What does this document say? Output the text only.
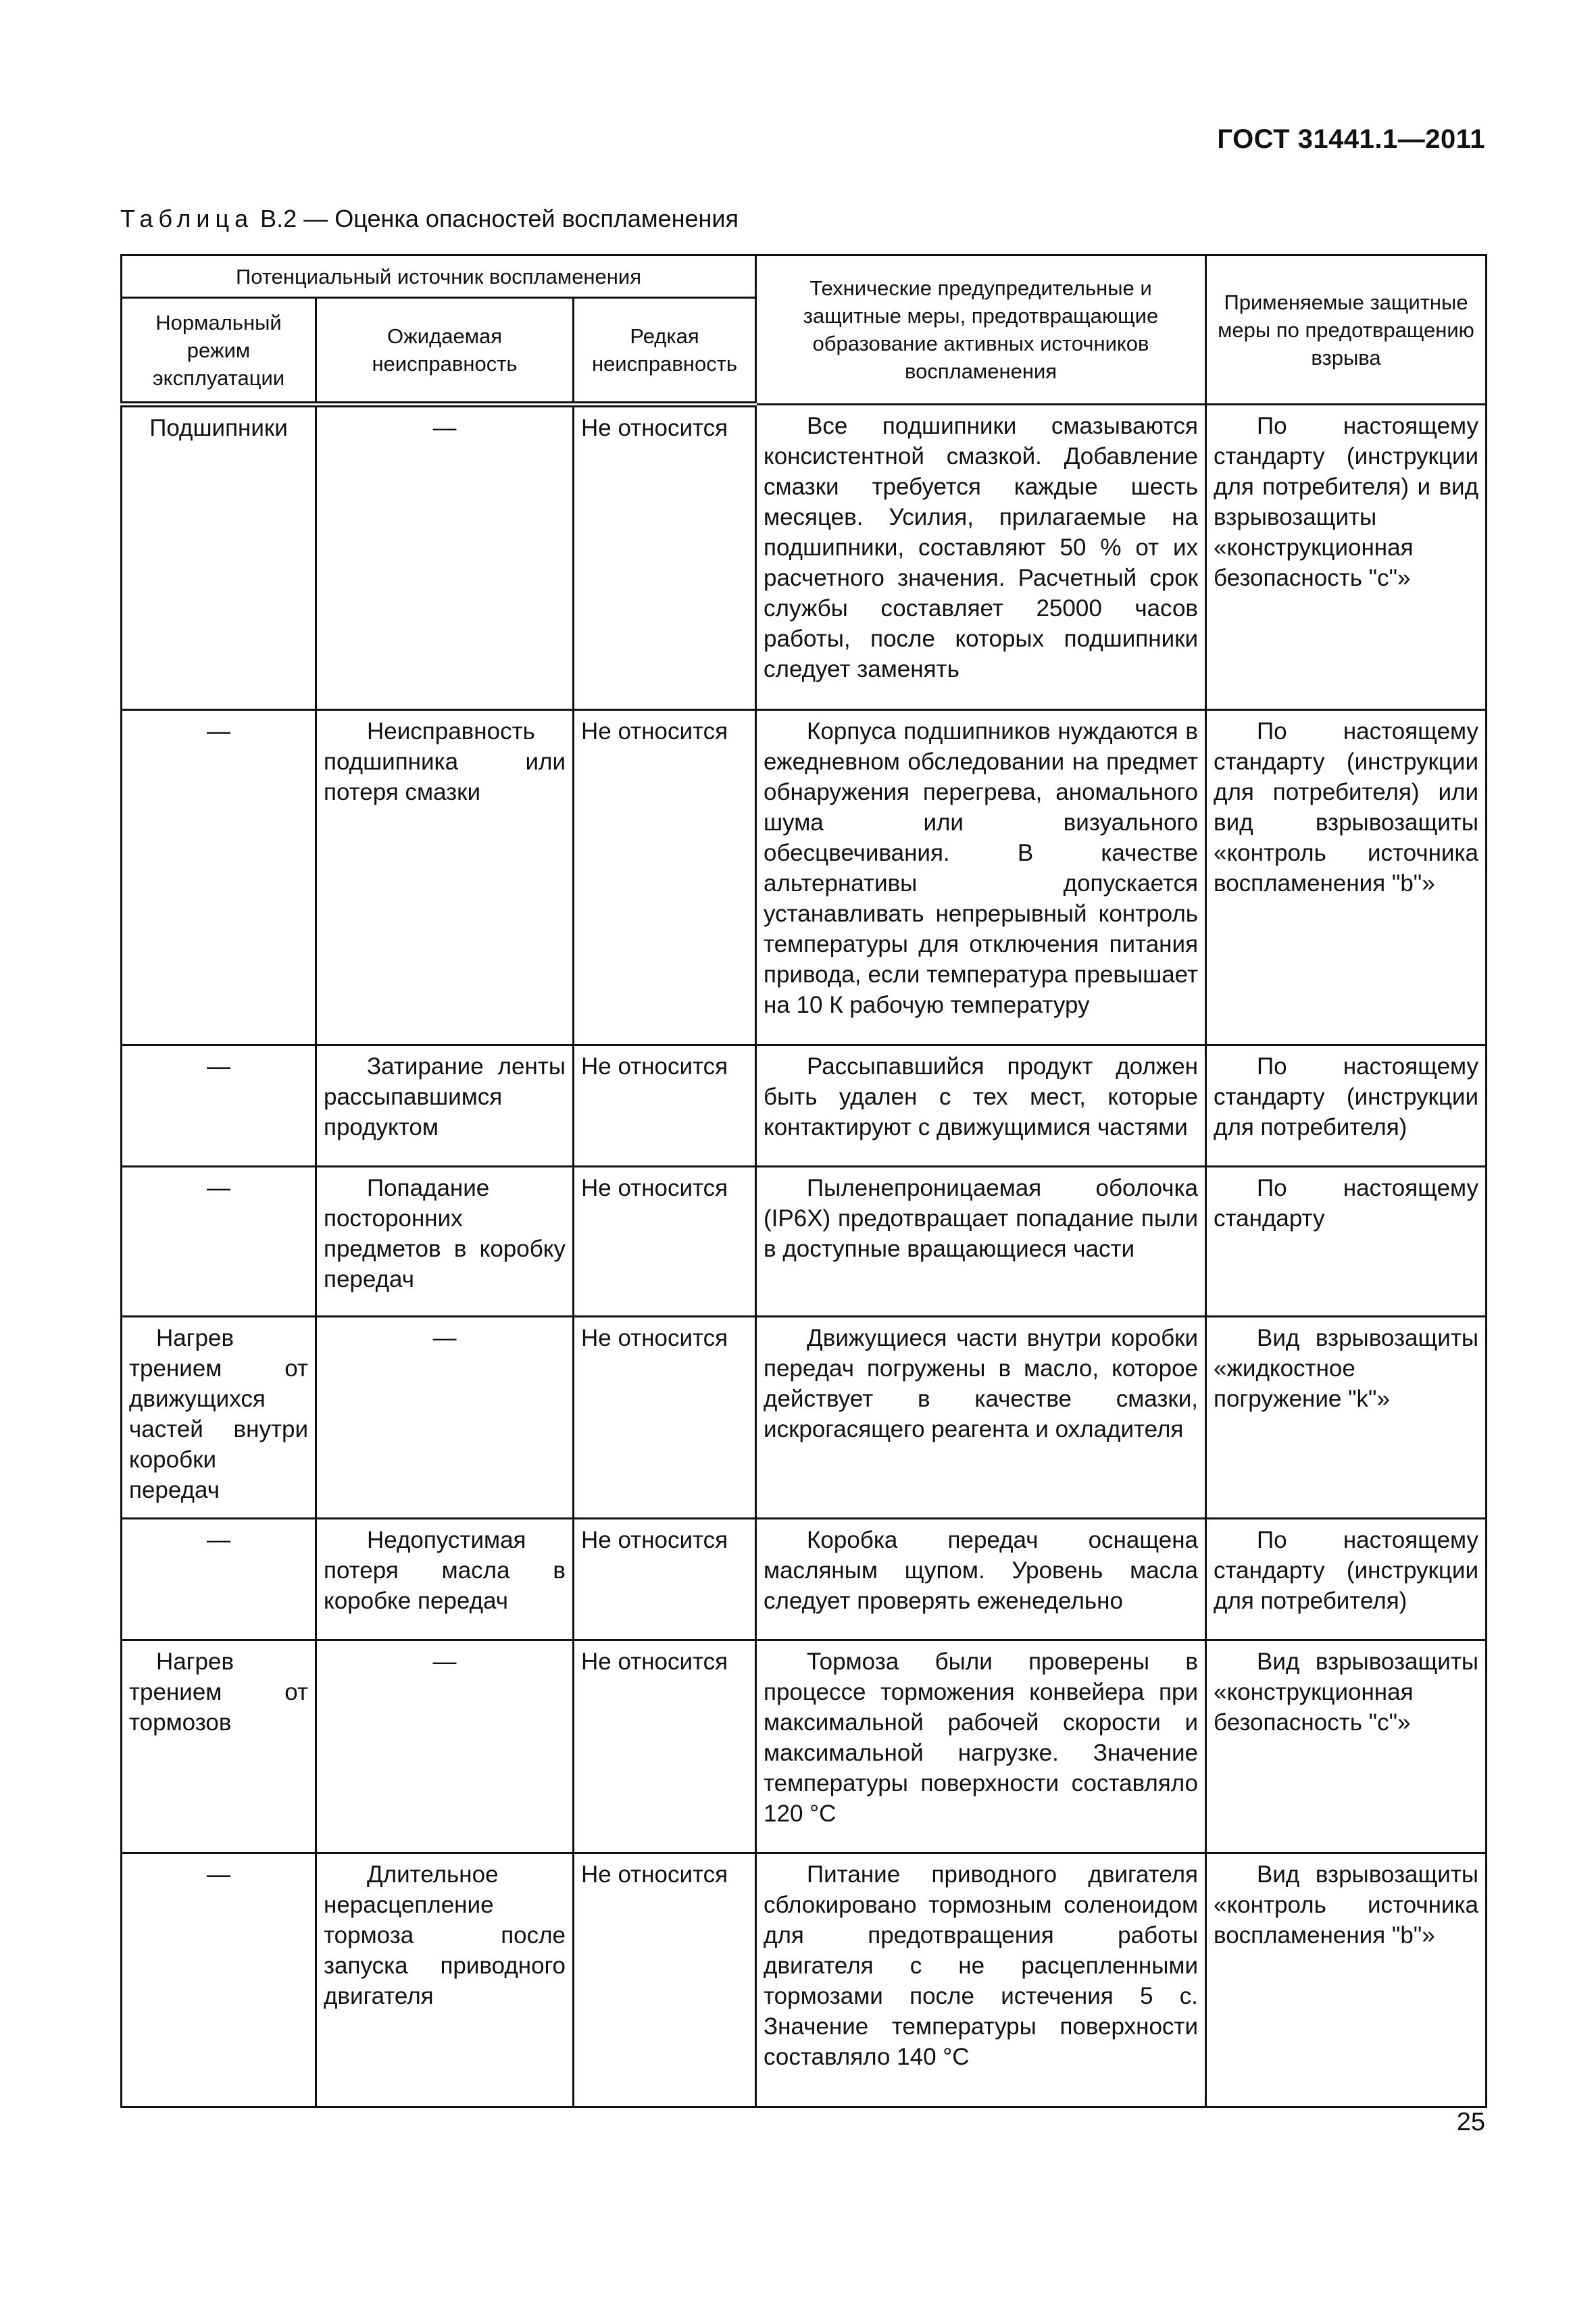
ГОСТ 31441.1—2011
Таблица В.2 — Оценка опасностей воспламенения
Потенциальный источник воспламенения			Технические предупредительные и защитные меры, предотвращающие образование активных источников воспламенения	Применяемые защитные меры по предотвращению взрыва
Нормальный режим эксплуатации	Ожидаемая неисправность	Редкая неисправность		
Подшипники	—	Не относится	Все подшипники смазываются консистентной смазкой. Добавление смазки требуется каждые шесть месяцев. Усилия, прилагаемые на подшипники, составляют 50 % от их расчетного значения. Расчетный срок службы составляет 25000 часов работы, после которых подшипники следует заменять	По настоящему стандарту (инструкции для потребителя) и вид взрывозащиты «конструкционная безопасность "c"»
—	Неисправность подшипника или потеря смазки	Не относится	Корпуса подшипников нуждаются в ежедневном обследовании на предмет обнаружения перегрева, аномального шума или визуального обесцвечивания. В качестве альтернативы допускается устанавливать непрерывный контроль температуры для отключения питания привода, если температура превышает на 10 К рабочую температуру	По настоящему стандарту (инструкции для потребителя) или вид взрывозащиты «контроль источника воспламенения "b"»
—	Затирание ленты рассыпавшимся продуктом	Не относится	Рассыпавшийся продукт должен быть удален с тех мест, которые контактируют с движущимися частями	По настоящему стандарту (инструкции для потребителя)
—	Попадание посторонних предметов в коробку передач	Не относится	Пыленепроницаемая оболочка (IP6X) предотвращает попадание пыли в доступные вращающиеся части	По настоящему стандарту
Нагрев трением от движущихся частей внутри коробки передач	—	Не относится	Движущиеся части внутри коробки передач погружены в масло, которое действует в качестве смазки, искрогасящего реагента и охладителя	Вид взрывозащиты «жидкостное погружение "k"»
—	Недопустимая потеря масла в коробке передач	Не относится	Коробка передач оснащена масляным щупом. Уровень масла следует проверять еженедельно	По настоящему стандарту (инструкции для потребителя)
Нагрев трением от тормозов	—	Не относится	Тормоза были проверены в процессе торможения конвейера при максимальной рабочей скорости и максимальной нагрузке. Значение температуры поверхности составляло 120 °C	Вид взрывозащиты «конструкционная безопасность "c"»
—	Длительное нерасцепление тормоза после запуска приводного двигателя	Не относится	Питание приводного двигателя сблокировано тормозным соленоидом для предотвращения работы двигателя с не расцепленными тормозами после истечения 5 с. Значение температуры поверхности составляло 140 °C	Вид взрывозащиты «контроль источника воспламенения "b"»
25
